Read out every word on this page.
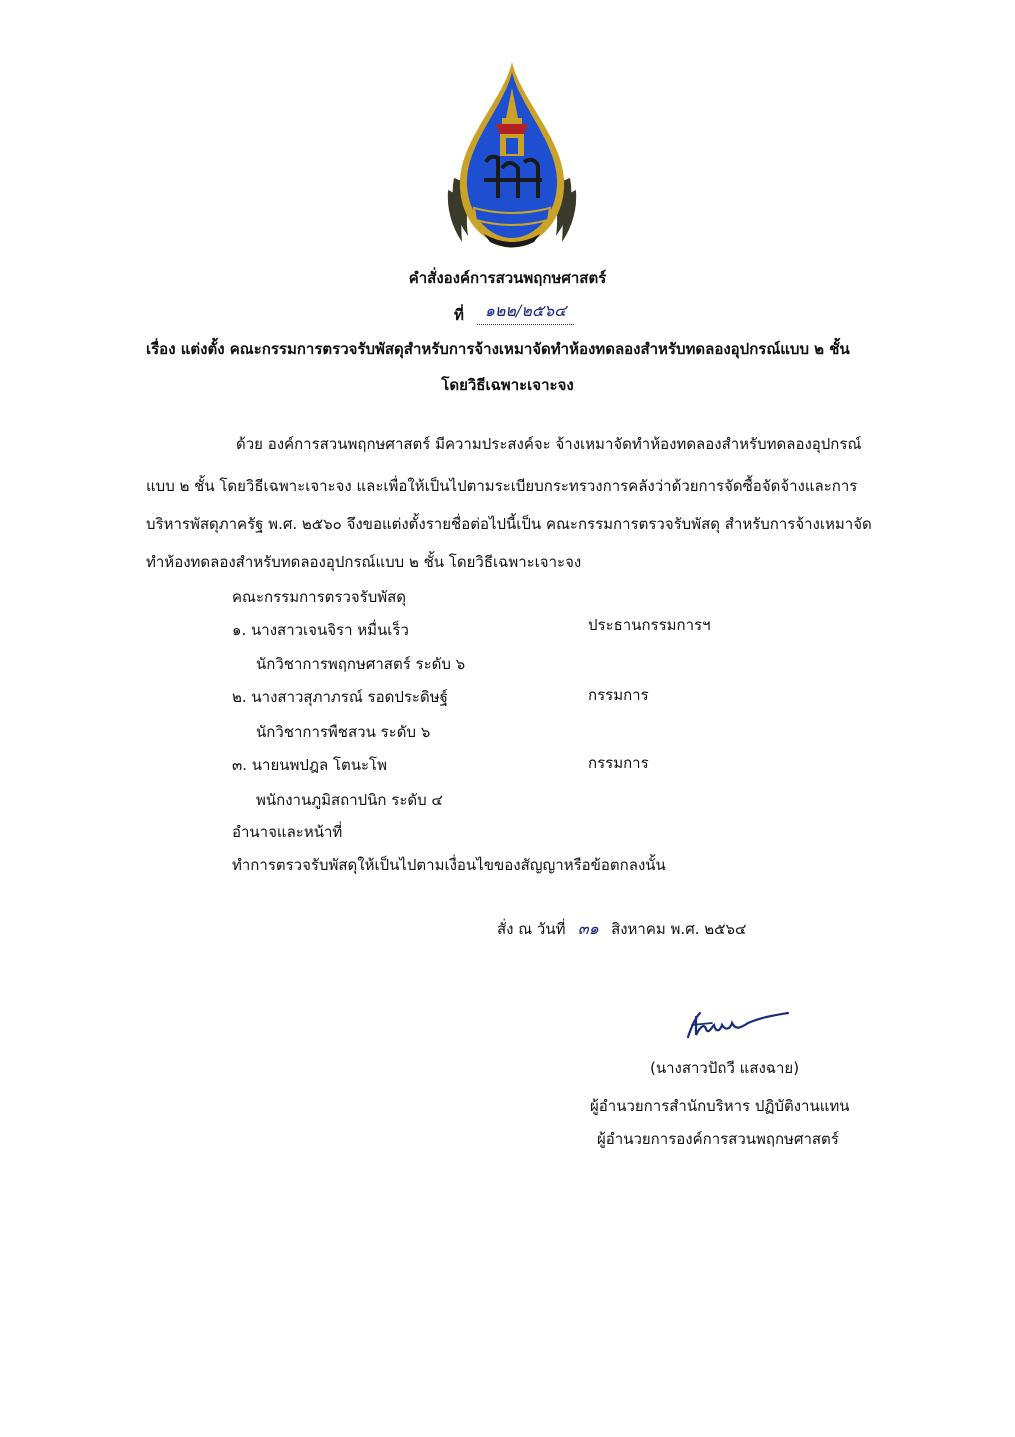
คำสั่งองค์การสวนพฤกษศาสตร์
ที่	๑๒๒/๒๕๖๔
เรื่อง แต่งตั้ง คณะกรรมการตรวจรับพัสดุสำหรับการจ้างเหมาจัดทำห้องทดลองสำหรับทดลองอุปกรณ์แบบ ๒ ชั้น
โดยวิธีเฉพาะเจาะจง
ด้วย องค์การสวนพฤกษศาสตร์ มีความประสงค์จะ จ้างเหมาจัดทำห้องทดลองสำหรับทดลองอุปกรณ์
แบบ ๒ ชั้น โดยวิธีเฉพาะเจาะจง และเพื่อให้เป็นไปตามระเบียบกระทรวงการคลังว่าด้วยการจัดซื้อจัดจ้างและการ
บริหารพัสดุภาครัฐ พ.ศ. ๒๕๖๐ จึงขอแต่งตั้งรายชื่อต่อไปนี้เป็น คณะกรรมการตรวจรับพัสดุ สำหรับการจ้างเหมาจัด
ทำห้องทดลองสำหรับทดลองอุปกรณ์แบบ ๒ ชั้น โดยวิธีเฉพาะเจาะจง
คณะกรรมการตรวจรับพัสดุ
๑. นางสาวเจนจิรา หมื่นเร็ว	ประธานกรรมการฯ
นักวิชาการพฤกษศาสตร์ ระดับ ๖
๒. นางสาวสุภาภรณ์ รอดประดิษฐ์	กรรมการ
นักวิชาการพืชสวน ระดับ ๖
๓. นายนพปฎล โตนะโพ	กรรมการ
พนักงานภูมิสถาปนิก ระดับ ๔
อำนาจและหน้าที่
ทำการตรวจรับพัสดุให้เป็นไปตามเงื่อนไขของสัญญาหรือข้อตกลงนั้น
สั่ง ณ วันที่ ๓๑ สิงหาคม พ.ศ. ๒๕๖๔
(นางสาวปัถวี แสงฉาย)
ผู้อำนวยการสำนักบริหาร ปฏิบัติงานแทน
ผู้อำนวยการองค์การสวนพฤกษศาสตร์
